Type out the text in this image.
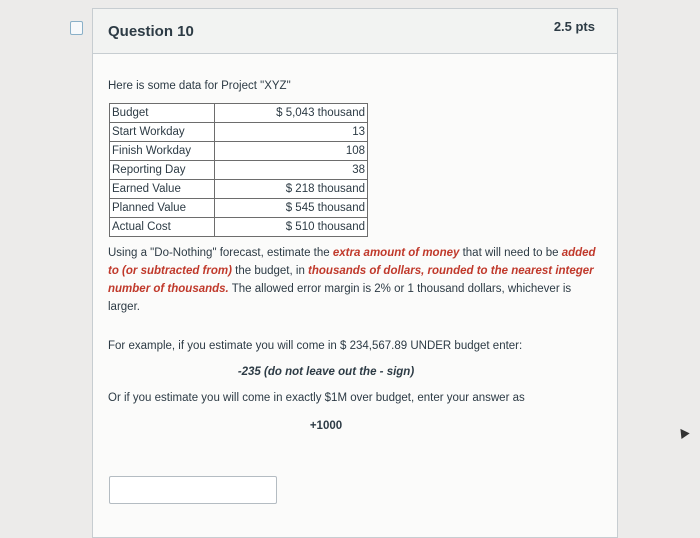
Question 10	2.5 pts
Here is some data for Project "XYZ"
Budget	$ 5,043 thousand
Start Workday	13
Finish Workday	108
Reporting Day	38
Earned Value	$ 218 thousand
Planned Value	$ 545 thousand
Actual Cost	$ 510 thousand
Using a "Do-Nothing" forecast, estimate the extra amount of money that will need to be added to (or subtracted from) the budget, in thousands of dollars, rounded to the nearest integer number of thousands. The allowed error margin is 2% or 1 thousand dollars, whichever is larger.
For example, if you estimate you will come in $ 234,567.89 UNDER budget enter:
-235 (do not leave out the - sign)
Or if you estimate you will come in exactly $1M over budget, enter your answer as
+1000
